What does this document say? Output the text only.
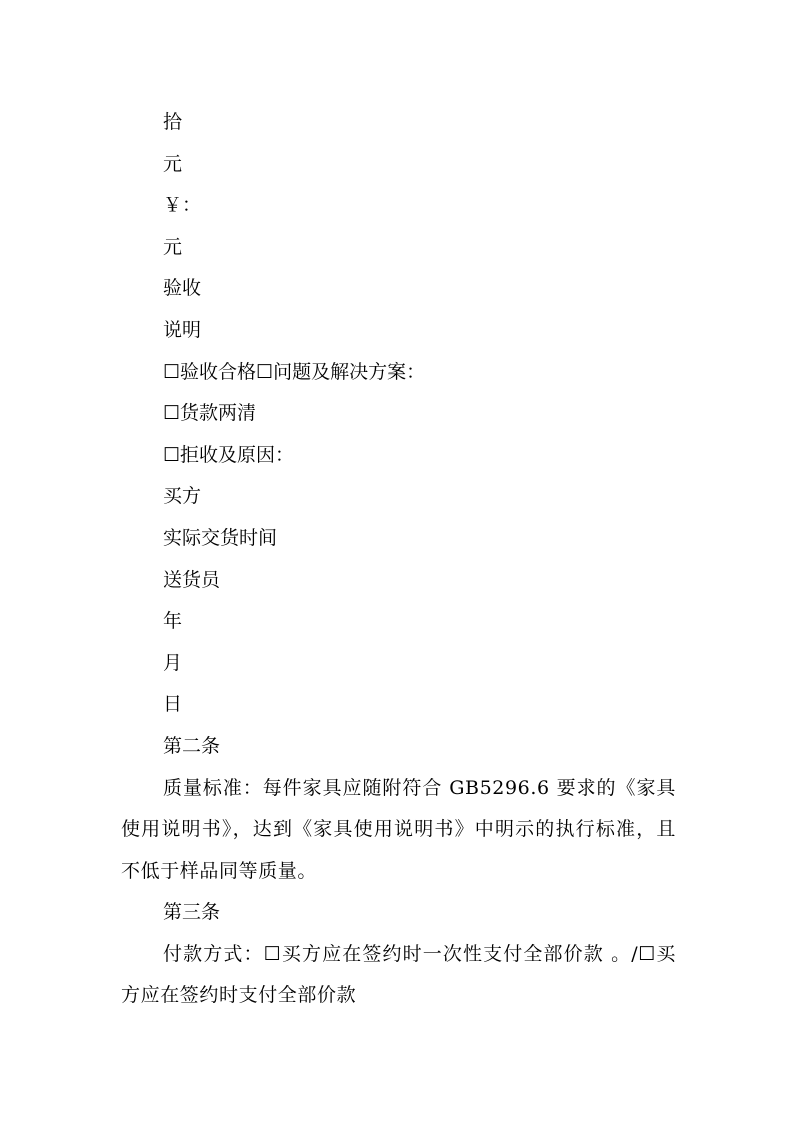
拾
元
￥：
元
验收
说明
☐验收合格☐问题及解决方案：
☐货款两清
☐拒收及原因：
买方
实际交货时间
送货员
年
月
日
第二条
质量标准：每件家具应随附符合 GB5296.6 要求的《家具使用说明书》，达到《家具使用说明书》中明示的执行标准，且不低于样品同等质量。
第三条
付款方式：☐买方应在签约时一次性支付全部价款 。/☐买方应在签约时支付全部价款
